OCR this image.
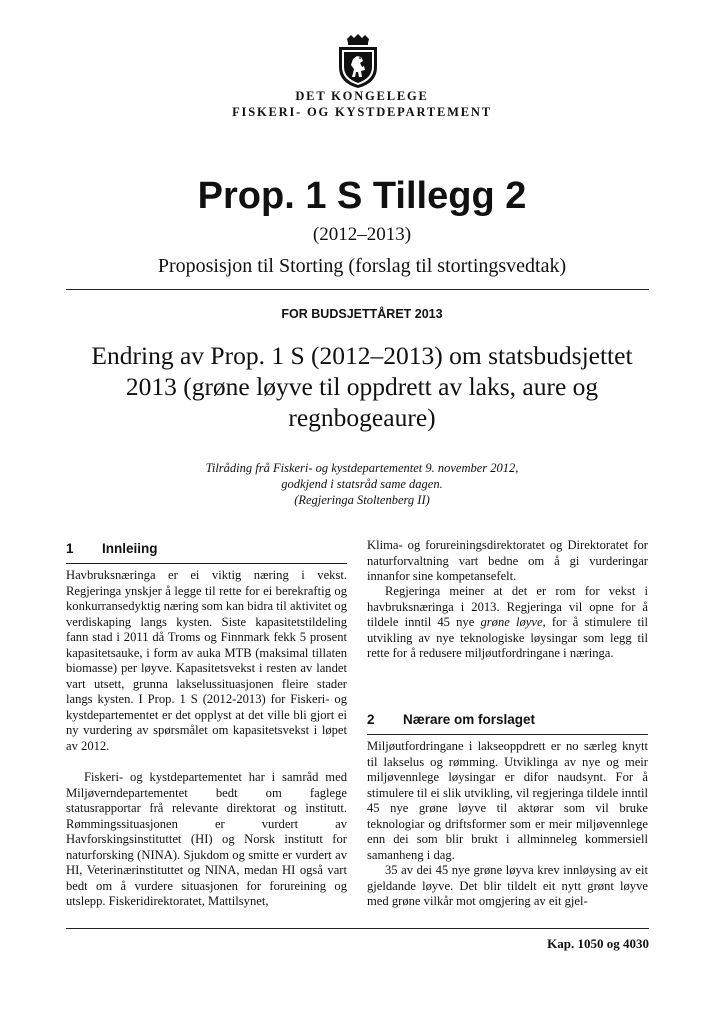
DET KONGELEGE
FISKERI- OG KYSTDEPARTEMENT
Prop. 1 S Tillegg 2
(2012–2013)
Proposisjon til Storting (forslag til stortingsvedtak)
FOR BUDSJETTÅRET 2013
Endring av Prop. 1 S (2012–2013) om statsbudsjettet
2013 (grøne løyve til oppdrett av laks, aure og
regnbogeaure)
Tilråding frå Fiskeri- og kystdepartementet 9. november 2012,
godkjend i statsråd same dagen.
(Regjeringa Stoltenberg II)
1 Innleiing

Havbruksnæringa er ei viktig næring i vekst. Regjeringa ynskjer å legge til rette for ei berekraftig og konkurransedyktig næring som kan bidra til aktivitet og verdiskaping langs kysten. Siste kapasitetstildeling fann stad i 2011 då Troms og Finnmark fekk 5 prosent kapasitetsauke, i form av auka MTB (maksimal tillaten biomasse) per løyve. Kapasitetsvekst i resten av landet vart utsett, grunna lakselussituasjonen fleire stader langs kysten. I Prop. 1 S (2012-2013) for Fiskeri- og kystdepartementet er det opplyst at det ville bli gjort ei ny vurdering av spørsmålet om kapasitetsvekst i løpet av 2012.

Fiskeri- og kystdepartementet har i samråd med Miljøverndepartementet bedt om faglege statusrapportar frå relevante direktorat og institutt. Rømmingssituasjonen er vurdert av Havforskingsinstituttet (HI) og Norsk institutt for naturforsking (NINA). Sjukdom og smitte er vurdert av HI, Veterinærinstituttet og NINA, medan HI også vart bedt om å vurdere situasjonen for forureining og utslepp. Fiskeridirektoratet, Mattilsynet,

Klima- og forureiningsdirektoratet og Direktoratet for naturforvaltning vart bedne om å gi vurderingar innanfor sine kompetansefelt.

Regjeringa meiner at det er rom for vekst i havbruksnæringa i 2013. Regjeringa vil opne for å tildele inntil 45 nye grøne løyve, for å stimulere til utvikling av nye teknologiske løysingar som legg til rette for å redusere miljøutfordringane i næringa.

2 Nærare om forslaget

Miljøutfordringane i lakseoppdrett er no særleg knytt til lakselus og rømming. Utviklinga av nye og meir miljøvennlege løysingar er difor naudsynt. For å stimulere til ei slik utvikling, vil regjeringa tildele inntil 45 nye grøne løyve til aktørar som vil bruke teknologiar og driftsformer som er meir miljøvennlege enn dei som blir brukt i allminneleg kommersiell samanheng i dag.

35 av dei 45 nye grøne løyva krev innløysing av eit gjeldande løyve. Det blir tildelt eit nytt grønt løyve med grøne vilkår mot omgjering av eit gjel-

Kap. 1050 og 4030
